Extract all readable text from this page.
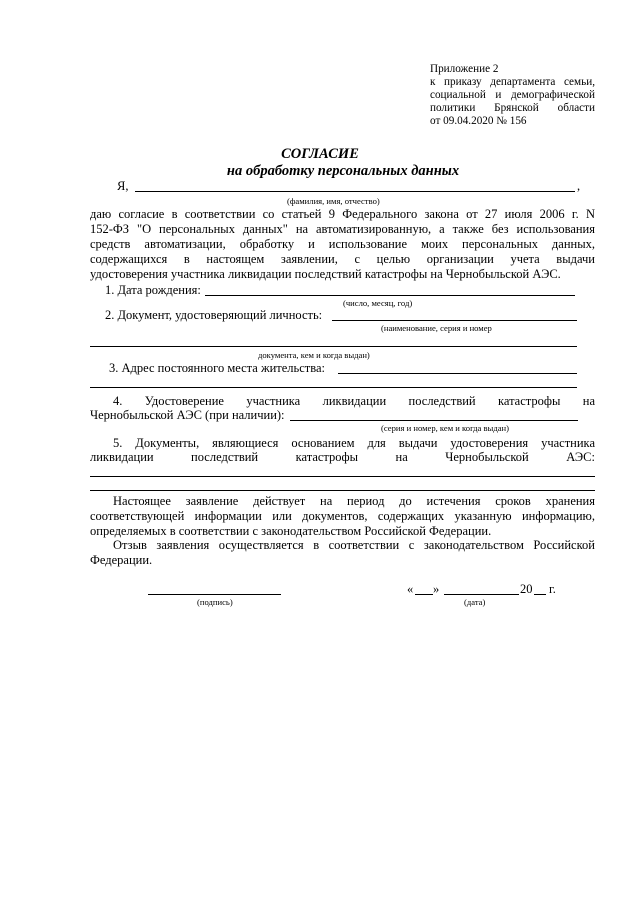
Приложение 2
к приказу департамента семьи,
социальной и демографической
политики Брянской области
от 09.04.2020 № 156
СОГЛАСИЕ
на обработку персональных данных
Я,	,
(фамилия, имя, отчество)
даю согласие в соответствии со статьей 9 Федерального закона от 27 июля 2006 г. N
152-ФЗ "О персональных данных" на автоматизированную, а также без использования
средств автоматизации, обработку и использование моих персональных данных,
содержащихся в настоящем заявлении, с целью организации учета выдачи
удостоверения участника ликвидации последствий катастрофы на Чернобыльской АЭС.
1. Дата рождения:
(число, месяц, год)
2. Документ, удостоверяющий личность:
(наименование, серия и номер
документа, кем и когда выдан)
3. Адрес постоянного места жительства:
4. Удостоверение участника ликвидации последствий катастрофы на
Чернобыльской АЭС (при наличии):
(серия и номер, кем и когда выдан)
5. Документы, являющиеся основанием для выдачи удостоверения участника
ликвидации последствий катастрофы на Чернобыльской АЭС:
Настоящее заявление действует на период до истечения сроков хранения
соответствующей информации или документов, содержащих указанную информацию,
определяемых в соответствии с законодательством Российской Федерации.
Отзыв заявления осуществляется в соответствии с законодательством Российской
Федерации.
(подпись)
« »	20 г.
(дата)
